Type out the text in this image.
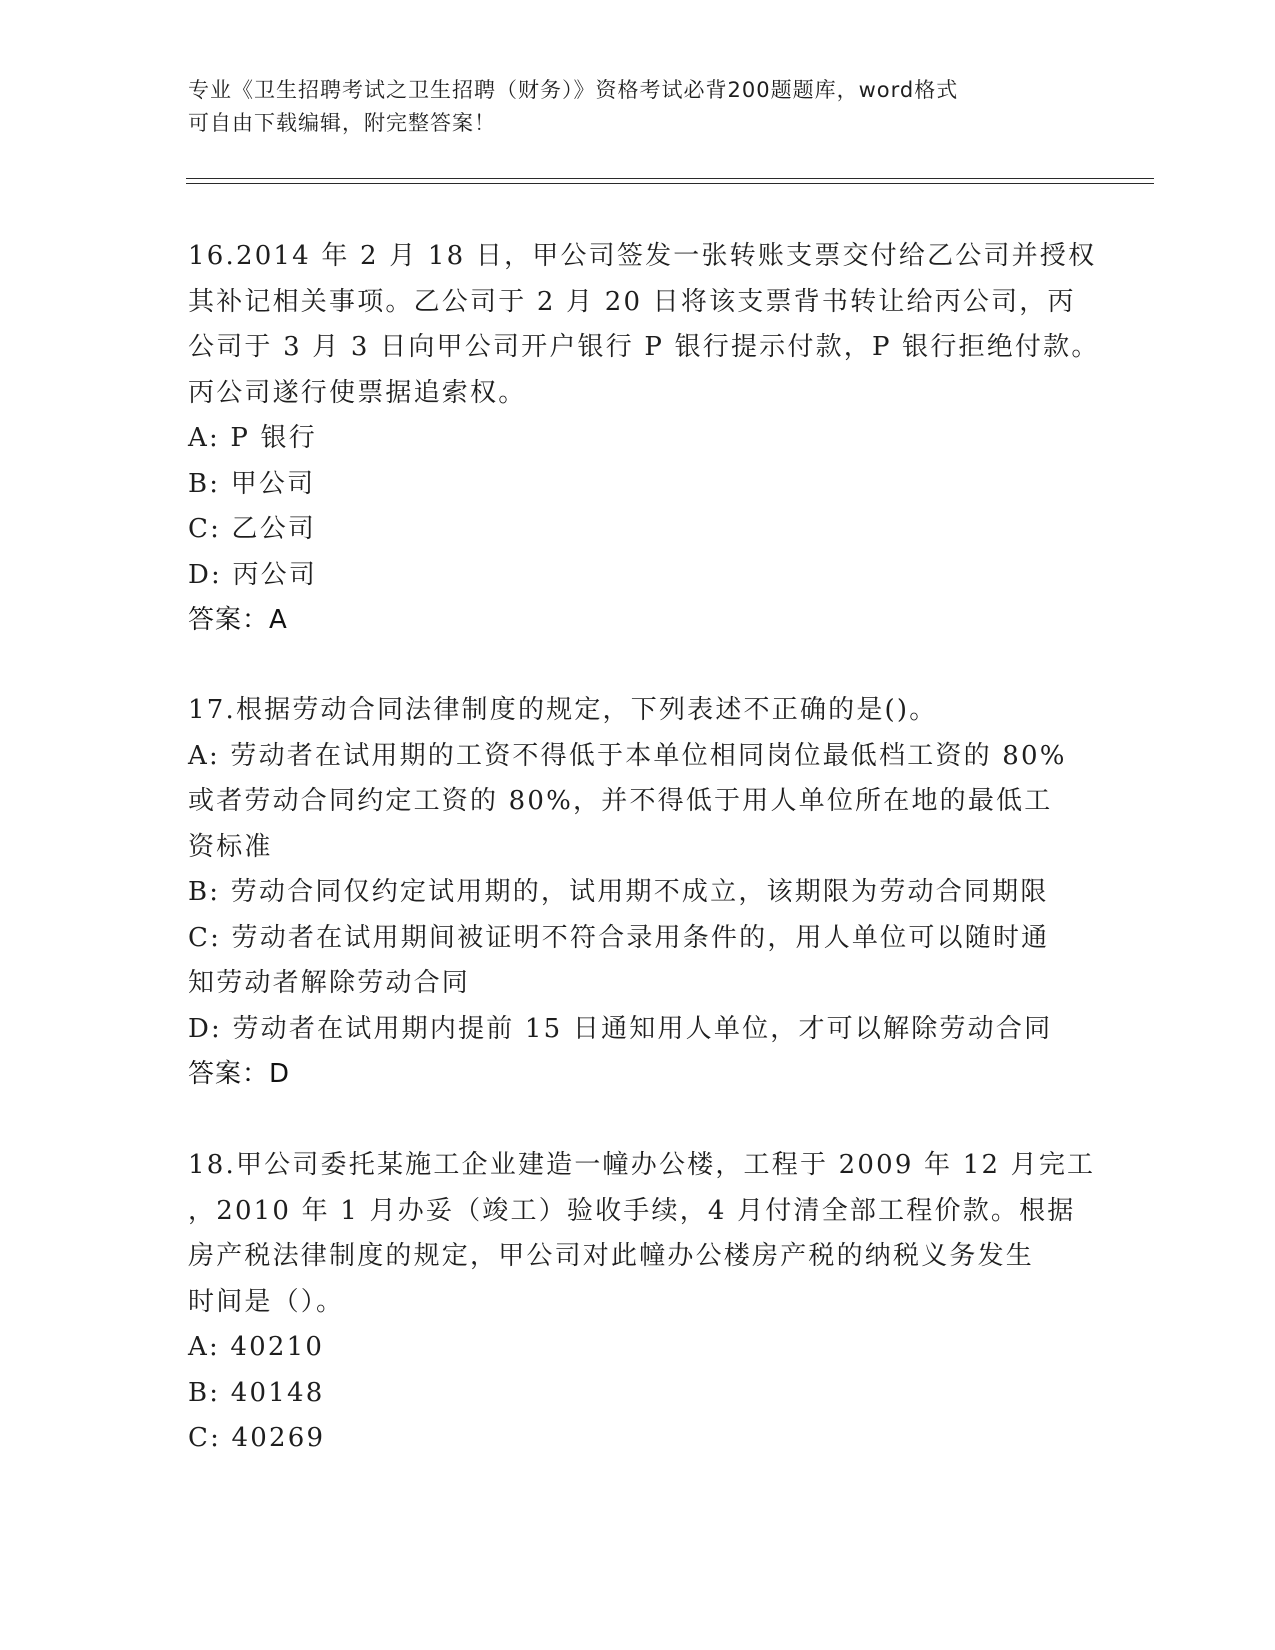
专业《卫生招聘考试之卫生招聘（财务）》资格考试必背200题题库，word格式
可自由下载编辑，附完整答案！
16.2014 年 2 月 18 日，甲公司签发一张转账支票交付给乙公司并授权
其补记相关事项。乙公司于 2 月 20 日将该支票背书转让给丙公司，丙
公司于 3 月 3 日向甲公司开户银行 P 银行提示付款，P 银行拒绝付款。
丙公司遂行使票据追索权。
A: P 银行
B: 甲公司
C: 乙公司
D: 丙公司
答案：A
17.根据劳动合同法律制度的规定，下列表述不正确的是()。
A: 劳动者在试用期的工资不得低于本单位相同岗位最低档工资的 80%
或者劳动合同约定工资的 80%，并不得低于用人单位所在地的最低工
资标准
B: 劳动合同仅约定试用期的，试用期不成立，该期限为劳动合同期限
C: 劳动者在试用期间被证明不符合录用条件的，用人单位可以随时通
知劳动者解除劳动合同
D: 劳动者在试用期内提前 15 日通知用人单位，才可以解除劳动合同
答案：D
18.甲公司委托某施工企业建造一幢办公楼，工程于 2009 年 12 月完工
，2010 年 1 月办妥（竣工）验收手续，4 月付清全部工程价款。根据
房产税法律制度的规定，甲公司对此幢办公楼房产税的纳税义务发生
时间是（）。
A: 40210
B: 40148
C: 40269
